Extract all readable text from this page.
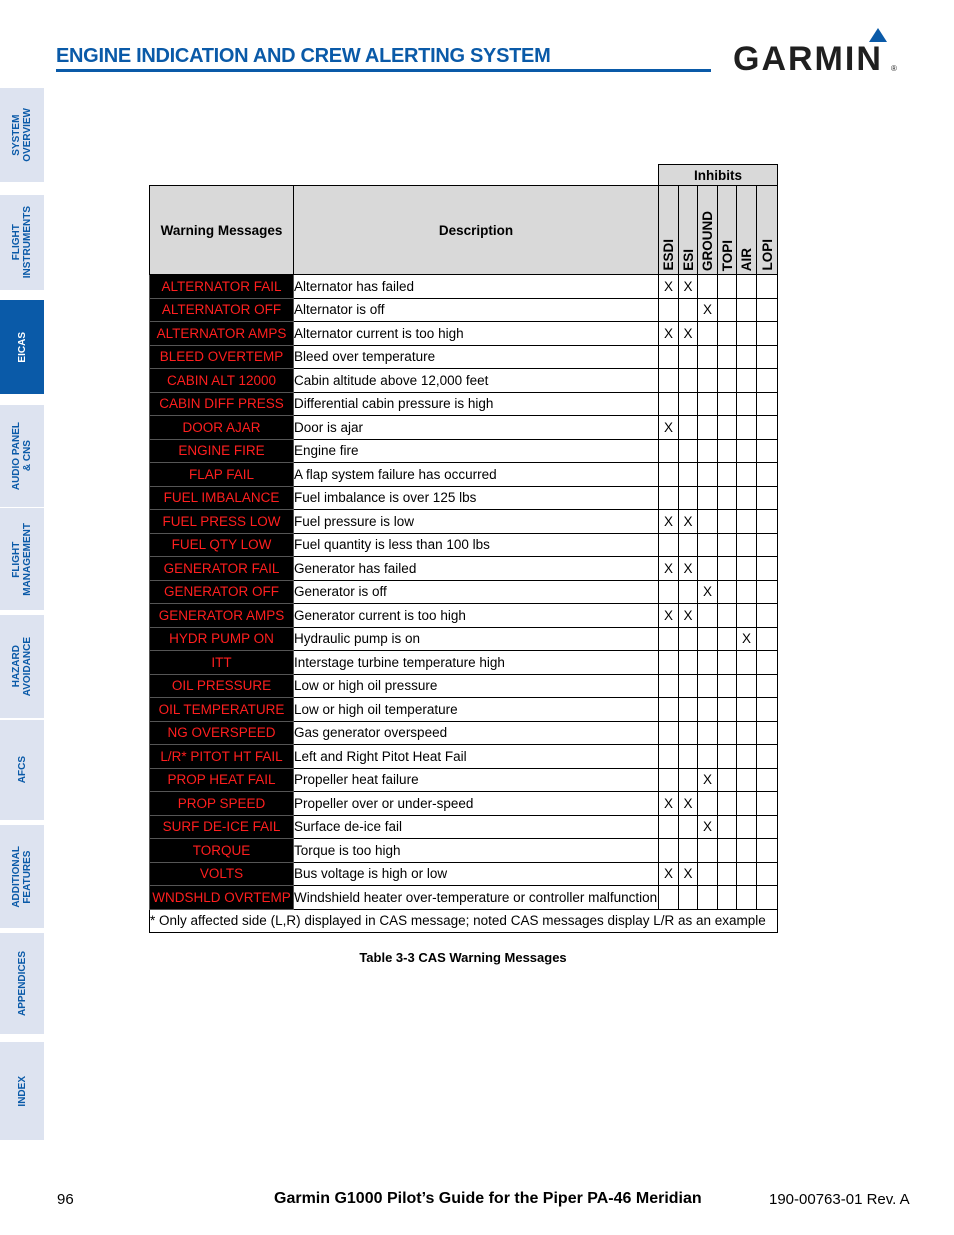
ENGINE INDICATION AND CREW ALERTING SYSTEM	GARMIN ®
SYSTEM
OVERVIEW
FLIGHT
INSTRUMENTS
EICAS
AUDIO PANEL
& CNS
FLIGHT
MANAGEMENT
HAZARD
AVOIDANCE
AFCS
ADDITIONAL
FEATURES
APPENDICES
INDEX
		Inhibits					
Warning Messages	Description	ESDI	ESI	GROUND	TOPI	AIR	LOPI
ALTERNATOR FAIL	Alternator has failed	X	X				
ALTERNATOR OFF	Alternator is off			X			
ALTERNATOR AMPS	Alternator current is too high	X	X				
BLEED OVERTEMP	Bleed over temperature						
CABIN ALT 12000	Cabin altitude above 12,000 feet						
CABIN DIFF PRESS	Differential cabin pressure is high						
DOOR AJAR	Door is ajar	X					
ENGINE FIRE	Engine fire						
FLAP FAIL	A flap system failure has occurred						
FUEL IMBALANCE	Fuel imbalance is over 125 lbs						
FUEL PRESS LOW	Fuel pressure is low	X	X				
FUEL QTY LOW	Fuel quantity is less than 100 lbs						
GENERATOR FAIL	Generator has failed	X	X				
GENERATOR OFF	Generator is off			X			
GENERATOR AMPS	Generator current is too high	X	X				
HYDR PUMP ON	Hydraulic pump is on					X	
ITT	Interstage turbine temperature high						
OIL PRESSURE	Low or high oil pressure						
OIL TEMPERATURE	Low or high oil temperature						
NG OVERSPEED	Gas generator overspeed						
L/R* PITOT HT FAIL	Left and Right Pitot Heat Fail						
PROP HEAT FAIL	Propeller heat failure			X			
PROP SPEED	Propeller over or under-speed	X	X				
SURF DE-ICE FAIL	Surface de-ice fail			X			
TORQUE	Torque is too high						
VOLTS	Bus voltage is high or low	X	X				
WNDSHLD OVRTEMP	Windshield heater over-temperature or controller malfunction						
* Only affected side (L,R) displayed in CAS message; noted CAS messages display L/R as an example							
Table 3-3 CAS Warning Messages
96	Garmin G1000 Pilot’s Guide for the Piper PA-46 Meridian	190-00763-01 Rev. A
